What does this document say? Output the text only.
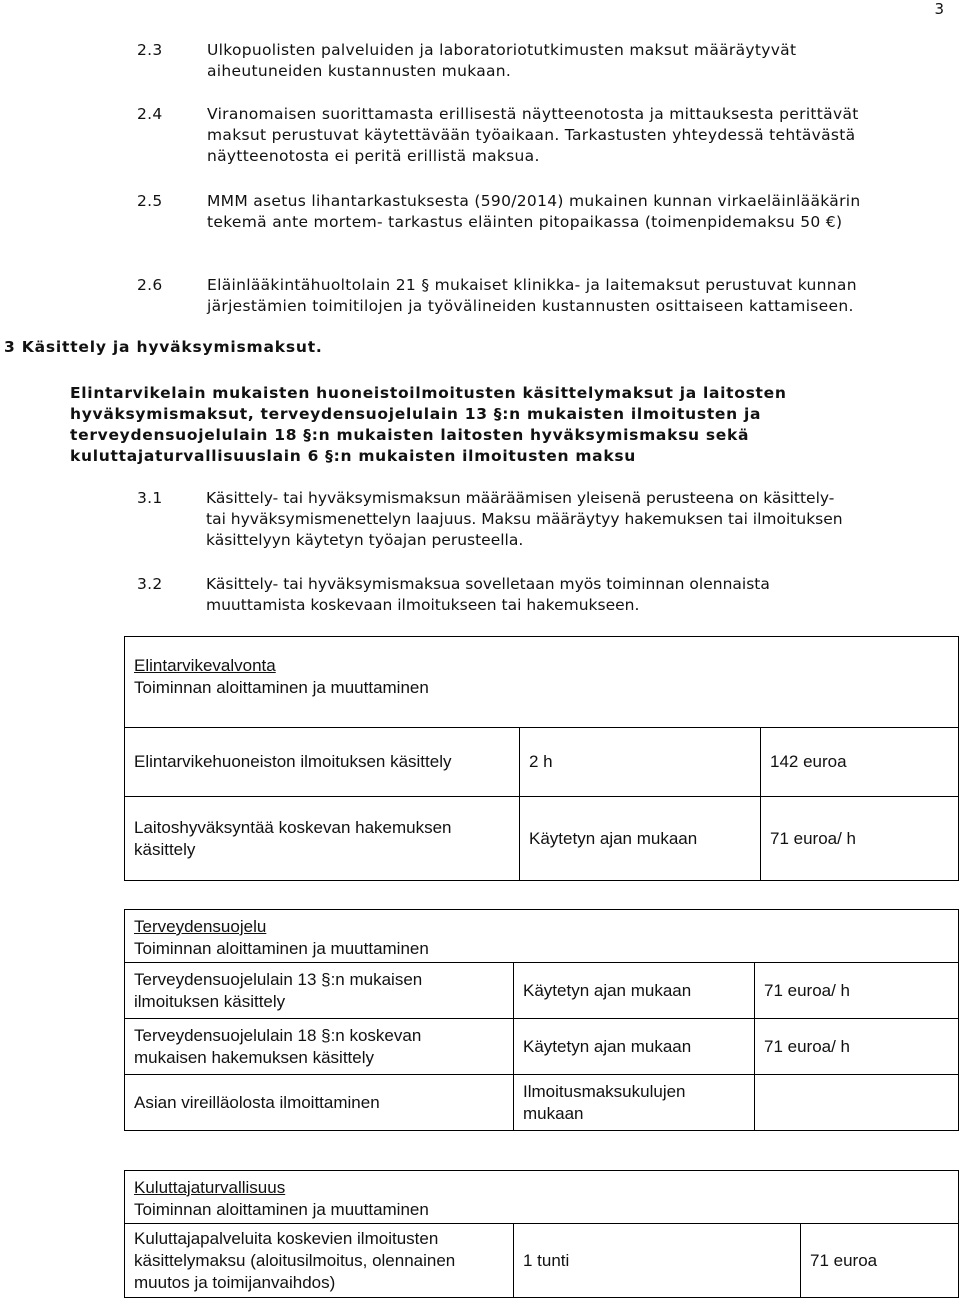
3
2.3	Ulkopuolisten palveluiden ja laboratoriotutkimusten maksut määräytyvät
aiheutuneiden kustannusten mukaan.
2.4	Viranomaisen suorittamasta erillisestä näytteenotosta ja mittauksesta perittävät
maksut perustuvat käytettävään työaikaan. Tarkastusten yhteydessä tehtävästä
näytteenotosta ei peritä erillistä maksua.
2.5	MMM asetus lihantarkastuksesta (590/2014) mukainen kunnan virkaeläinlääkärin
tekemä ante mortem- tarkastus eläinten pitopaikassa (toimenpidemaksu 50 €)
2.6	Eläinlääkintähuoltolain 21 § mukaiset klinikka- ja laitemaksut perustuvat kunnan
järjestämien toimitilojen ja työvälineiden kustannusten osittaiseen kattamiseen.
3 Käsittely ja hyväksymismaksut.
Elintarvikelain mukaisten huoneistoilmoitusten käsittelymaksut ja laitosten
hyväksymismaksut, terveydensuojelulain 13 §:n mukaisten ilmoitusten ja
terveydensuojelulain 18 §:n mukaisten laitosten hyväksymismaksu sekä
kuluttajaturvallisuuslain 6 §:n mukaisten ilmoitusten maksu
3.1	Käsittely- tai hyväksymismaksun määräämisen yleisenä perusteena on käsittely-
tai hyväksymismenettelyn laajuus. Maksu määräytyy hakemuksen tai ilmoituksen
käsittelyyn käytetyn työajan perusteella.
3.2	Käsittely- tai hyväksymismaksua sovelletaan myös toiminnan olennaista
muuttamista koskevaan ilmoitukseen tai hakemukseen.
Elintarvikevalvonta
Toiminnan aloittaminen ja muuttaminen		

Elintarvikehuoneiston ilmoituksen käsittely	2 h	142 euroa
Laitoshyväksyntää koskevan hakemuksen
käsittely	Käytetyn ajan mukaan	71 euroa/ h
Terveydensuojelu
Toiminnan aloittaminen ja muuttaminen		

Terveydensuojelulain 13 §:n mukaisen
ilmoituksen käsittely	Käytetyn ajan mukaan	71 euroa/ h
Terveydensuojelulain 18 §:n koskevan
mukaisen hakemuksen käsittely	Käytetyn ajan mukaan	71 euroa/ h
Asian vireilläolosta ilmoittaminen	Ilmoitusmaksukulujen
mukaan	
Kuluttajaturvallisuus
Toiminnan aloittaminen ja muuttaminen

Kuluttajapalveluita koskevien ilmoitusten
käsittelymaksu (aloitusilmoitus, olennainen
muutos ja toimijanvaihdos)	1 tunti	71 euroa
